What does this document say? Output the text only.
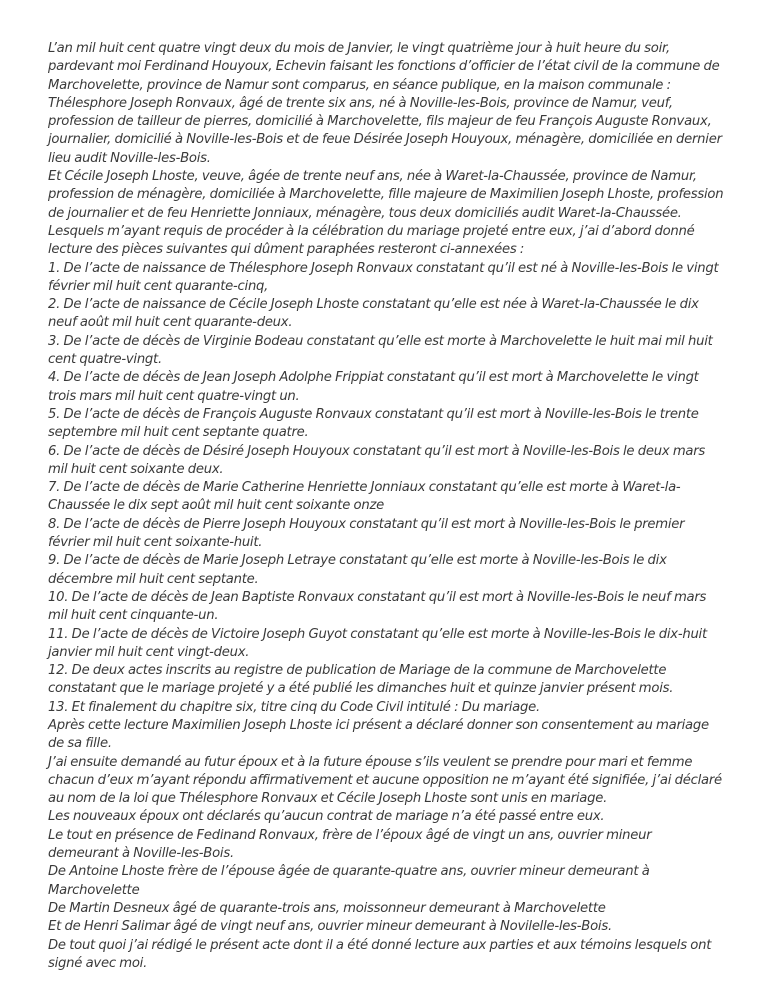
L’an mil huit cent quatre vingt deux du mois de Janvier, le vingt quatrième jour à huit heure du soir, pardevant moi Ferdinand Houyoux, Echevin faisant les fonctions d’officier de l’état civil de la commune de Marchovelette, province de Namur sont comparus, en séance publique, en la maison communale :

Thélesphore Joseph Ronvaux, âgé de trente six ans, né à Noville-les-Bois, province de Namur, veuf, profession de tailleur de pierres, domicilié à Marchovelette, fils majeur de feu François Auguste Ronvaux, journalier, domicilié à Noville-les-Bois et de feue Désirée Joseph Houyoux, ménagère, domiciliée en dernier lieu audit Noville-les-Bois.

Et Cécile Joseph Lhoste, veuve, âgée de trente neuf ans, née à Waret-la-Chaussée, province de Namur, profession de ménagère, domiciliée à Marchovelette, fille majeure de Maximilien Joseph Lhoste, profession de journalier et de feu Henriette Jonniaux, ménagère, tous deux domiciliés audit Waret-la-Chaussée.

Lesquels m’ayant requis de procéder à la célébration du mariage projeté entre eux, j’ai d’abord donné lecture des pièces suivantes qui dûment paraphées resteront ci-annexées :

1. De l’acte de naissance de Thélesphore Joseph Ronvaux constatant qu’il est né à Noville-les-Bois le vingt février mil huit cent quarante-cinq,

2. De l’acte de naissance de Cécile Joseph Lhoste constatant qu’elle est née à Waret-la-Chaussée le dix neuf août mil huit cent quarante-deux.

3. De l’acte de décès de Virginie Bodeau constatant qu’elle est morte à Marchovelette le huit mai mil huit cent quatre-vingt.

4. De l’acte de décès de Jean Joseph Adolphe Frippiat constatant qu’il est mort à Marchovelette le vingt trois mars mil huit cent quatre-vingt un.

5. De l’acte de décès de François Auguste Ronvaux constatant qu’il est mort à Noville-les-Bois le trente septembre mil huit cent septante quatre.

6. De l’acte de décès de Désiré Joseph Houyoux constatant qu’il est mort à Noville-les-Bois le deux mars mil huit cent soixante deux.

7. De l’acte de décès de Marie Catherine Henriette Jonniaux constatant qu’elle est morte à Waret-la-Chaussée le dix sept août mil huit cent soixante onze

8. De l’acte de décès de Pierre Joseph Houyoux constatant qu’il est mort à Noville-les-Bois le premier février mil huit cent soixante-huit.

9. De l’acte de décès de Marie Joseph Letraye constatant qu’elle est morte à Noville-les-Bois le dix décembre mil huit cent septante.

10. De l’acte de décès de Jean Baptiste Ronvaux constatant qu’il est mort à Noville-les-Bois le neuf mars mil huit cent cinquante-un.

11. De l’acte de décès de Victoire Joseph Guyot constatant qu’elle est morte à Noville-les-Bois le dix-huit janvier mil huit cent vingt-deux.

12. De deux actes inscrits au registre de publication de Mariage de la commune de Marchovelette constatant que le mariage projeté y a été publié les dimanches huit et quinze janvier présent mois.

13. Et finalement du chapitre six, titre cinq du Code Civil intitulé : Du mariage.

Après cette lecture Maximilien Joseph Lhoste ici présent a déclaré donner son consentement au mariage de sa fille.

J’ai ensuite demandé au futur époux et à la future épouse s’ils veulent se prendre pour mari et femme chacun d’eux m’ayant répondu affirmativement et aucune opposition ne m’ayant été signifiée, j’ai déclaré au nom de la loi que Thélesphore Ronvaux et Cécile Joseph Lhoste sont unis en mariage.

Les nouveaux époux ont déclarés qu’aucun contrat de mariage n’a été passé entre eux.

Le tout en présence de Fedinand Ronvaux, frère de l’époux âgé de vingt un ans, ouvrier mineur demeurant à Noville-les-Bois.

De Antoine Lhoste frère de l’épouse âgée de quarante-quatre ans, ouvrier mineur demeurant à Marchovelette

De Martin Desneux âgé de quarante-trois ans, moissonneur demeurant à Marchovelette

Et de Henri Salimar âgé de vingt neuf ans, ouvrier mineur demeurant à Novilelle-les-Bois.

De tout quoi j’ai rédigé le présent acte dont il a été donné lecture aux parties et aux témoins lesquels ont signé avec moi.
